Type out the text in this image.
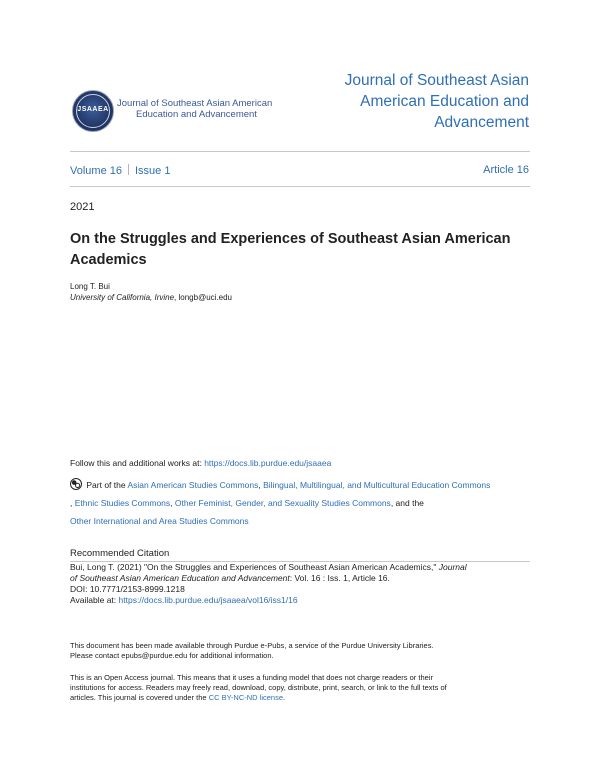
JSAAEA
Journal of Southeast Asian American
Education and Advancement
Journal of Southeast Asian
American Education and
Advancement
Volume 16 Issue 1	Article 16
2021
On the Struggles and Experiences of Southeast Asian American Academics
Long T. Bui
University of California, Irvine, longb@uci.edu
Follow this and additional works at: https://docs.lib.purdue.edu/jsaaea
Part of the Asian American Studies Commons, Bilingual, Multilingual, and Multicultural Education Commons
, Ethnic Studies Commons, Other Feminist, Gender, and Sexuality Studies Commons, and the
Other International and Area Studies Commons
Recommended Citation
Bui, Long T. (2021) "On the Struggles and Experiences of Southeast Asian American Academics," Journal
of Southeast Asian American Education and Advancement: Vol. 16 : Iss. 1, Article 16.
DOI: 10.7771/2153-8999.1218
Available at: https://docs.lib.purdue.edu/jsaaea/vol16/iss1/16
This document has been made available through Purdue e-Pubs, a service of the Purdue University Libraries.
Please contact epubs@purdue.edu for additional information.
This is an Open Access journal. This means that it uses a funding model that does not charge readers or their
institutions for access. Readers may freely read, download, copy, distribute, print, search, or link to the full texts of
articles. This journal is covered under the CC BY-NC-ND license.
